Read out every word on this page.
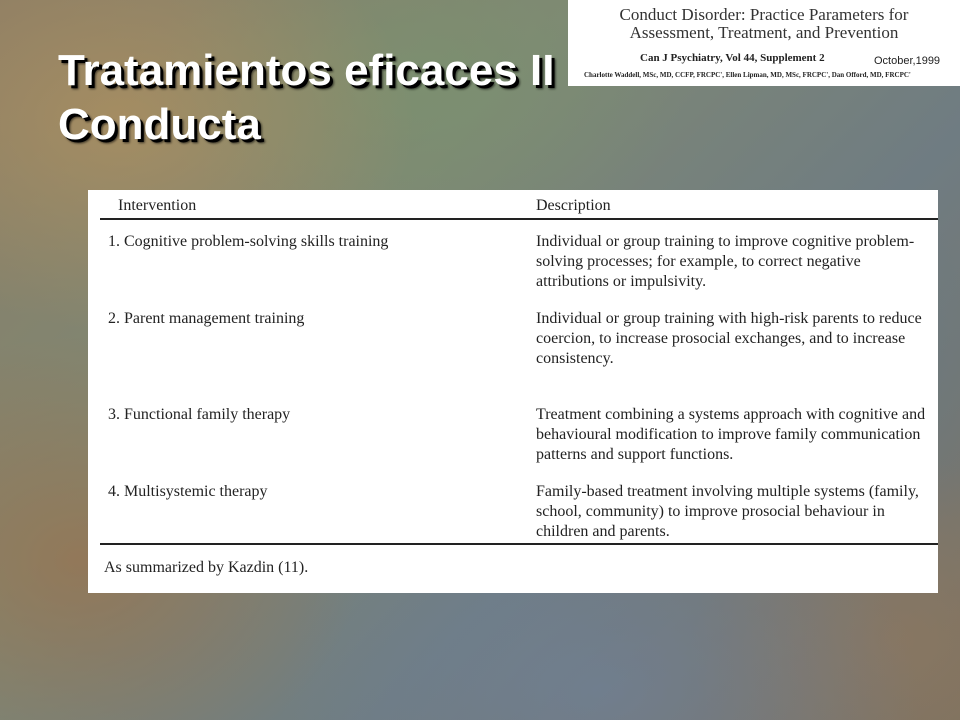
Tratamientos eficaces II
Conducta
Conduct Disorder: Practice Parameters for
Assessment, Treatment, and Prevention
Can J Psychiatry, Vol 44, Supplement 2	October,1999
Charlotte Waddell, MSc, MD, CCFP, FRCPC', Ellen Lipman, MD, MSc, FRCPC', Dan Offord, MD, FRCPC'
Intervention	Description
1. Cognitive problem-solving skills training	Individual or group training to improve cognitive problem-solving processes; for example, to correct negative attributions or impulsivity.
2. Parent management training	Individual or group training with high-risk parents to reduce coercion, to increase prosocial exchanges, and to increase consistency.
3. Functional family therapy	Treatment combining a systems approach with cognitive and behavioural modification to improve family communication patterns and support functions.
4. Multisystemic therapy	Family-based treatment involving multiple systems (family, school, community) to improve prosocial behaviour in children and parents.
As summarized by Kazdin (11).
